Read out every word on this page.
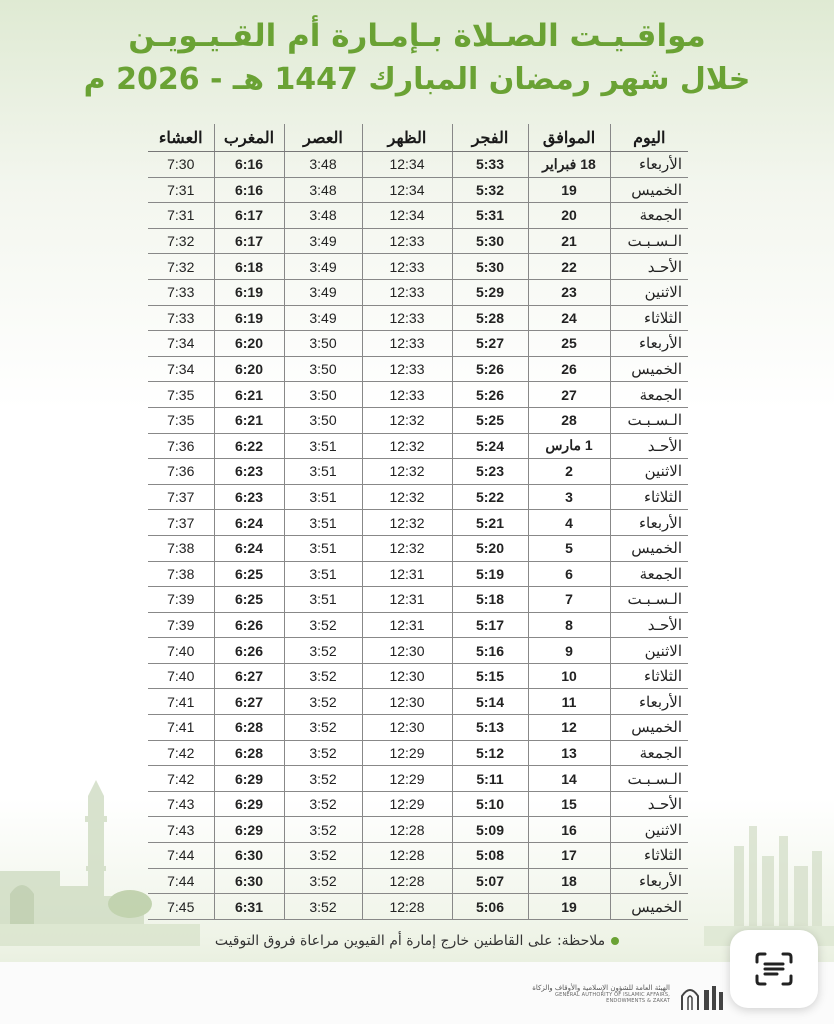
مواقـيـت الصـلاة بـإمـارة أم القـيـويـن
خلال شهر رمضان المبارك 1447 هـ - 2026 م
اليوم	الموافق	الفجر	الظهر	العصر	المغرب	العشاء
الأربعاء	18 فبراير	5:33	12:34	3:48	6:16	7:30
الخميس	19	5:32	12:34	3:48	6:16	7:31
الجمعة	20	5:31	12:34	3:48	6:17	7:31
الـسـبـت	21	5:30	12:33	3:49	6:17	7:32
الأحـد	22	5:30	12:33	3:49	6:18	7:32
الاثنين	23	5:29	12:33	3:49	6:19	7:33
الثلاثاء	24	5:28	12:33	3:49	6:19	7:33
الأربعاء	25	5:27	12:33	3:50	6:20	7:34
الخميس	26	5:26	12:33	3:50	6:20	7:34
الجمعة	27	5:26	12:33	3:50	6:21	7:35
الـسـبـت	28	5:25	12:32	3:50	6:21	7:35
الأحـد	1 مارس	5:24	12:32	3:51	6:22	7:36
الاثنين	2	5:23	12:32	3:51	6:23	7:36
الثلاثاء	3	5:22	12:32	3:51	6:23	7:37
الأربعاء	4	5:21	12:32	3:51	6:24	7:37
الخميس	5	5:20	12:32	3:51	6:24	7:38
الجمعة	6	5:19	12:31	3:51	6:25	7:38
الـسـبـت	7	5:18	12:31	3:51	6:25	7:39
الأحـد	8	5:17	12:31	3:52	6:26	7:39
الاثنين	9	5:16	12:30	3:52	6:26	7:40
الثلاثاء	10	5:15	12:30	3:52	6:27	7:40
الأربعاء	11	5:14	12:30	3:52	6:27	7:41
الخميس	12	5:13	12:30	3:52	6:28	7:41
الجمعة	13	5:12	12:29	3:52	6:28	7:42
الـسـبـت	14	5:11	12:29	3:52	6:29	7:42
الأحـد	15	5:10	12:29	3:52	6:29	7:43
الاثنين	16	5:09	12:28	3:52	6:29	7:43
الثلاثاء	17	5:08	12:28	3:52	6:30	7:44
الأربعاء	18	5:07	12:28	3:52	6:30	7:44
الخميس	19	5:06	12:28	3:52	6:31	7:45
ملاحظة: على القاطنين خارج إمارة أم القيوين مراعاة فروق التوقيت
الهيئة العامة للشؤون الإسلامية والأوقاف والزكاة
GENERAL AUTHORITY OF ISLAMIC AFFAIRS, ENDOWMENTS & ZAKAT
